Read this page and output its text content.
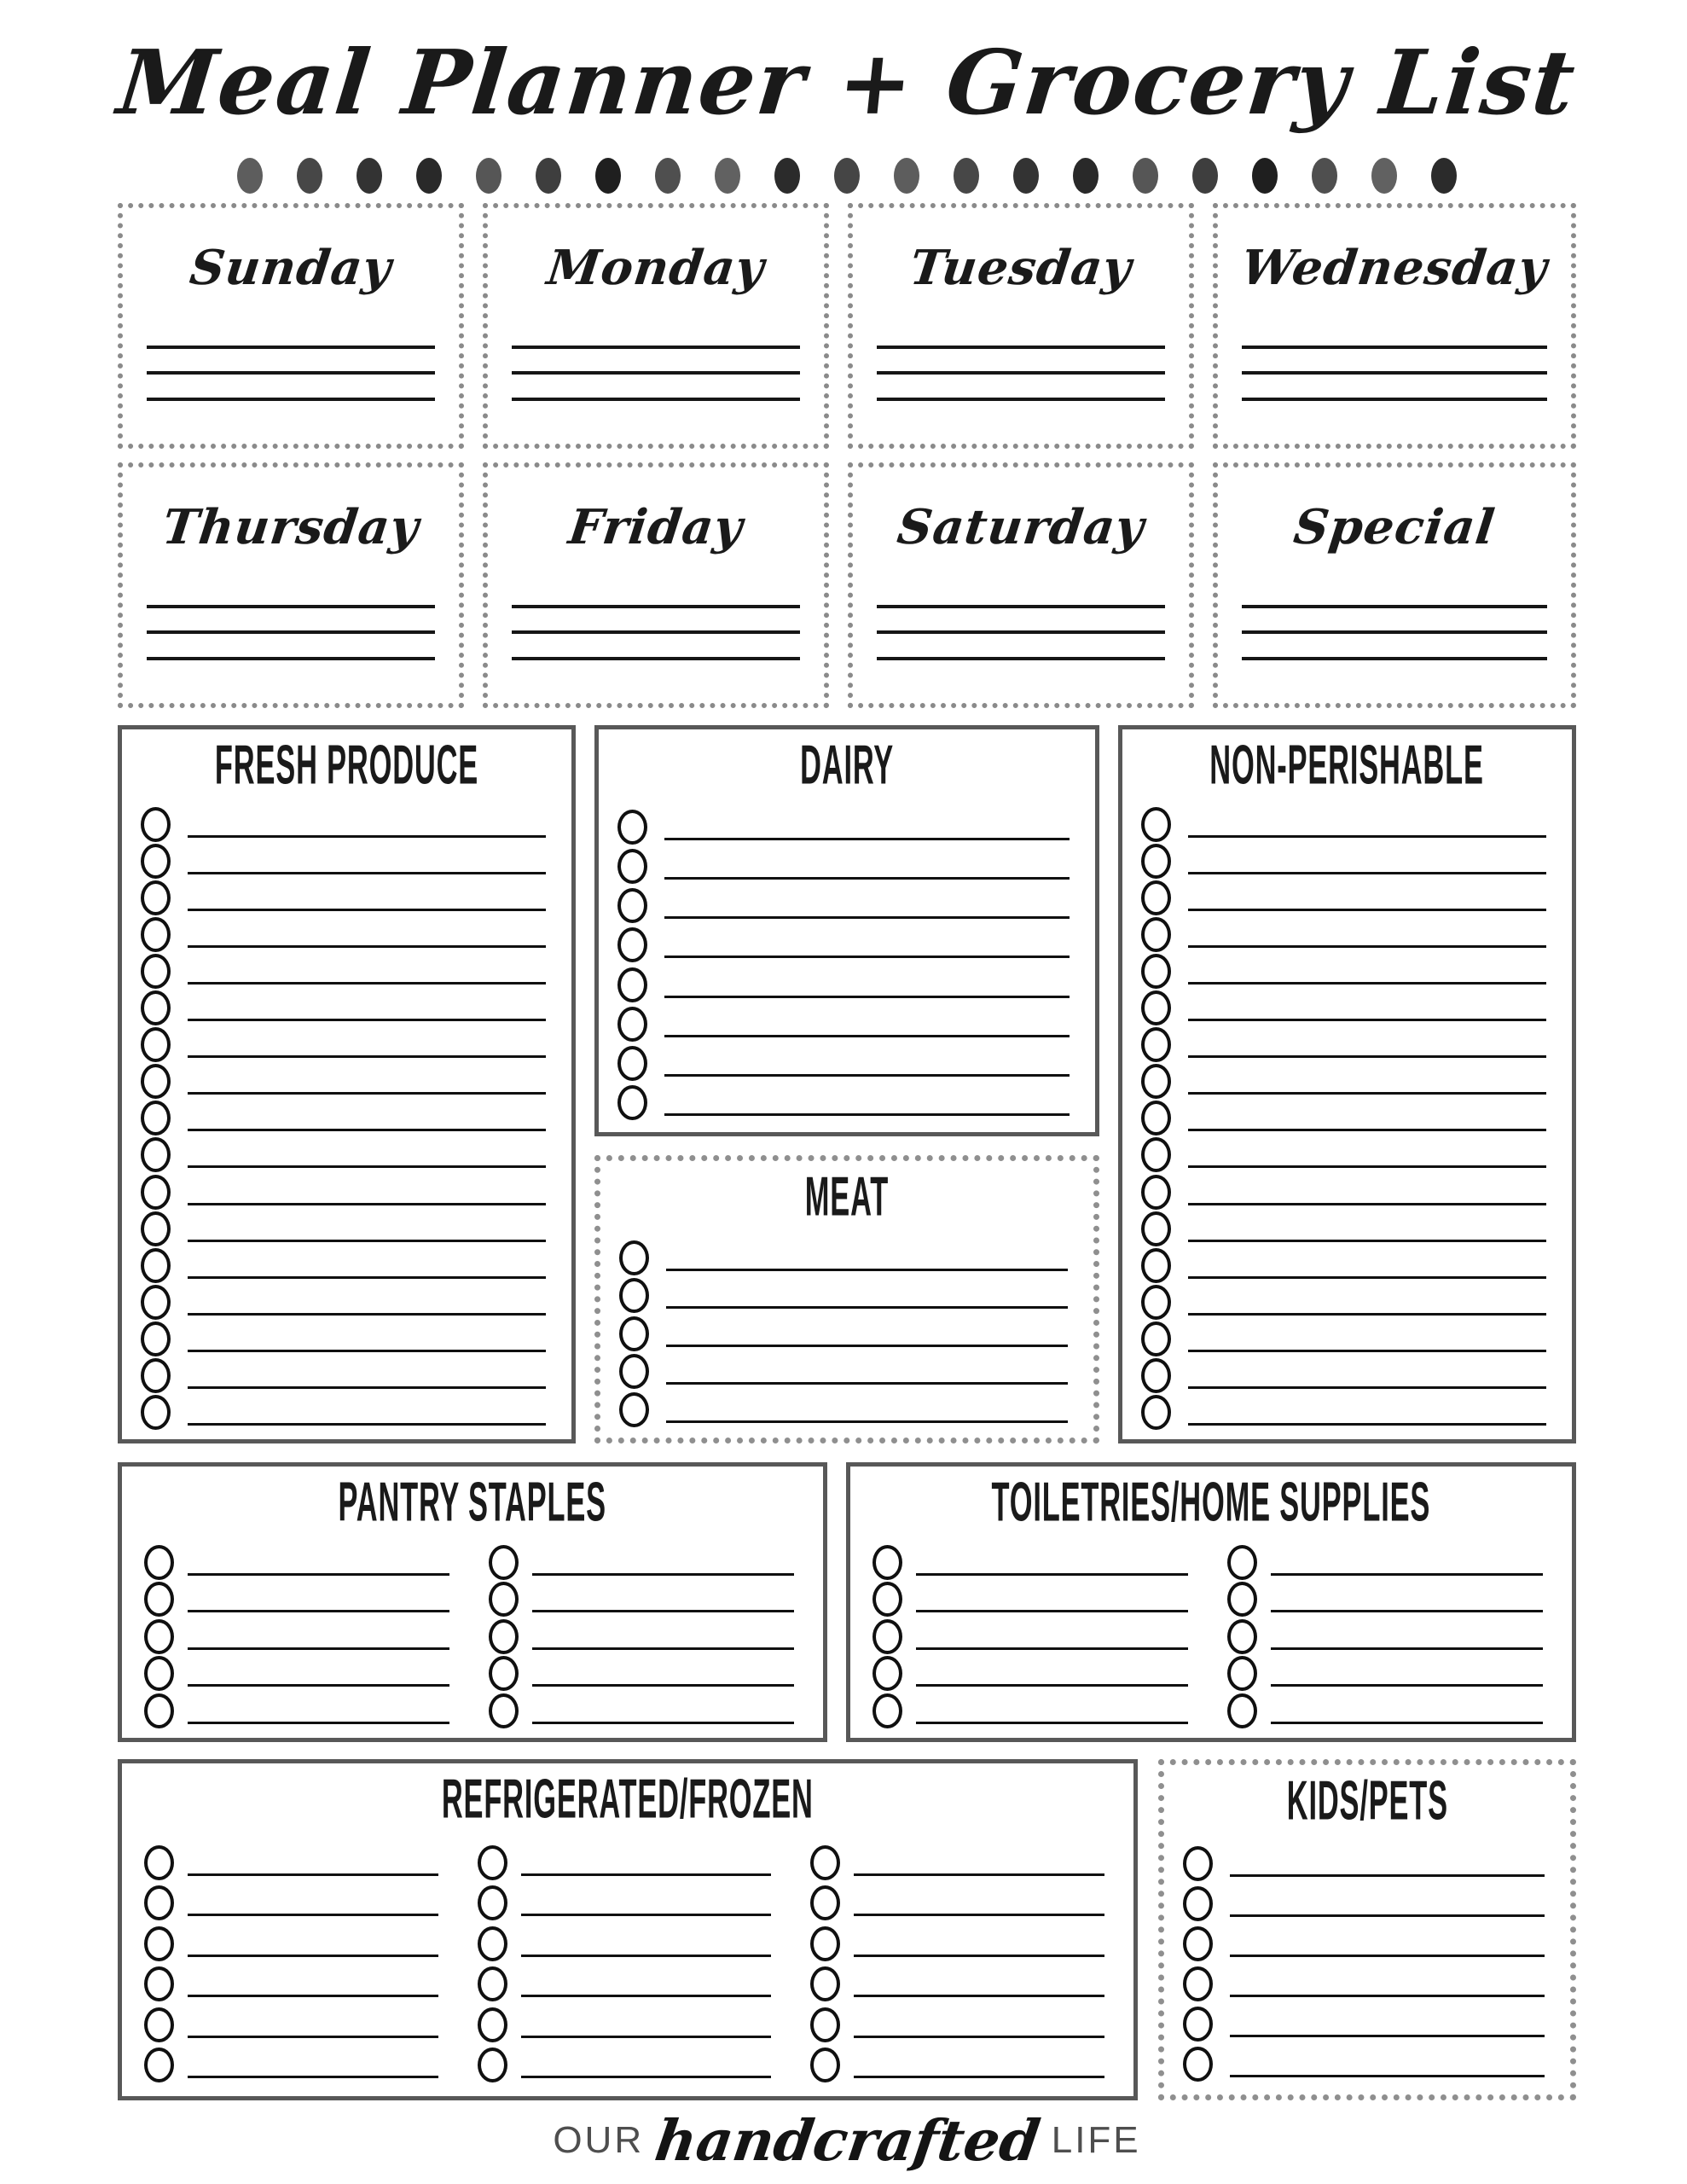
Meal Planner + Grocery List
Sunday	Monday	Tuesday	Wednesday
Thursday	Friday	Saturday	Special
FRESH PRODUCE	DAIRY
MEAT
NON-PERISHABLE
PANTRY STAPLES	TOILETRIES/HOME SUPPLIES
REFRIGERATED/FROZEN	KIDS/PETS
OUR handcrafted LIFE
